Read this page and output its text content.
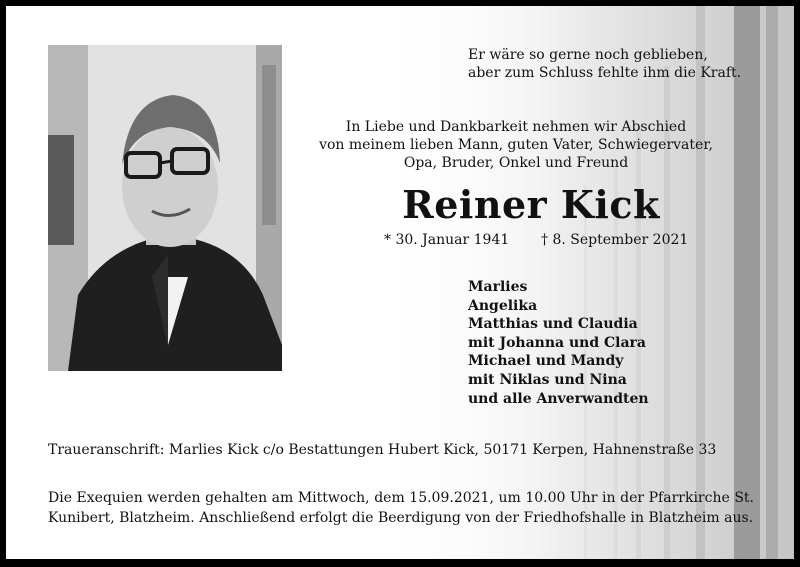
Er wäre so gerne noch geblieben,
aber zum Schluss fehlte ihm die Kraft.
In Liebe und Dankbarkeit nehmen wir Abschied
von meinem lieben Mann, guten Vater, Schwiegervater,
Opa, Bruder, Onkel und Freund
Reiner Kick
* 30. Januar 1941 † 8. September 2021
Marlies
Angelika
Matthias und Claudia
mit Johanna und Clara
Michael und Mandy
mit Niklas und Nina
und alle Anverwandten
Traueranschrift: Marlies Kick c/o Bestattungen Hubert Kick, 50171 Kerpen, Hahnenstraße 33
Die Exequien werden gehalten am Mittwoch, dem 15.09.2021, um 10.00 Uhr in der Pfarrkirche St. Kunibert, Blatzheim. Anschließend erfolgt die Beerdigung von der Friedhofshalle in Blatzheim aus.
